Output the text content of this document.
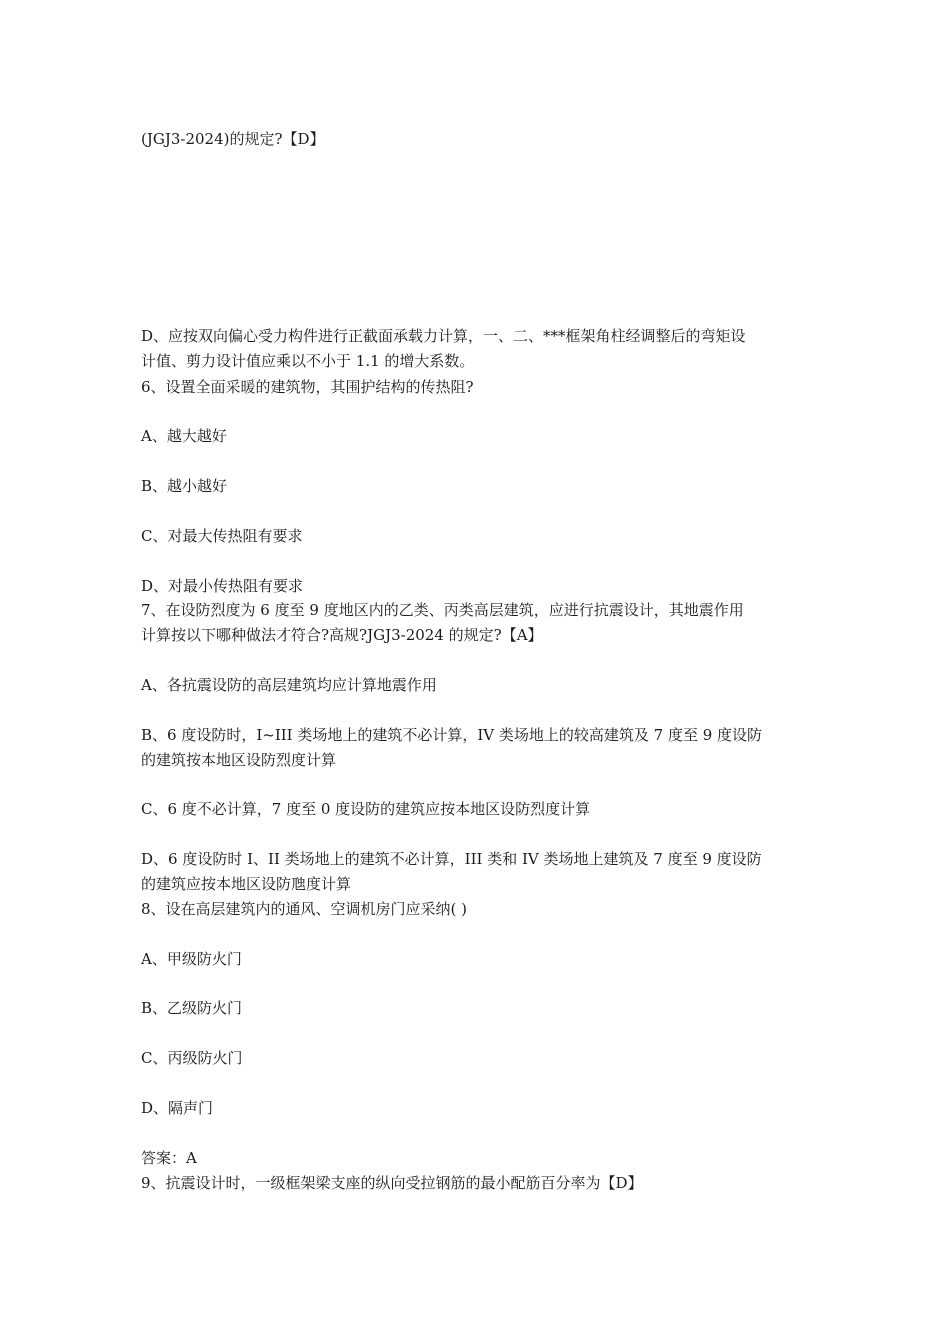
(JGJ3-2024)的规定?【D】
D、应按双向偏心受力构件进行正截面承载力计算，一、二、***框架角柱经调整后的弯矩设
计值、剪力设计值应乘以不小于 1.1 的增大系数。
6、设置全面采暖的建筑物，其围护结构的传热阻?
A、越大越好
B、越小越好
C、对最大传热阻有要求
D、对最小传热阻有要求
7、在设防烈度为 6 度至 9 度地区内的乙类、丙类高层建筑，应进行抗震设计，其地震作用
计算按以下哪种做法才符合?高规?JGJ3-2024 的规定?【A】
A、各抗震设防的高层建筑均应计算地震作用
B、6 度设防时，I~III 类场地上的建筑不必计算，IV 类场地上的较高建筑及 7 度至 9 度设防
的建筑按本地区设防烈度计算
C、6 度不必计算，7 度至 0 度设防的建筑应按本地区设防烈度计算
D、6 度设防时 I、II 类场地上的建筑不必计算，III 类和 IV 类场地上建筑及 7 度至 9 度设防
的建筑应按本地区设防虺度计算
8、设在高层建筑内的通风、空调机房门应采纳( )
A、甲级防火门
B、乙级防火门
C、丙级防火门
D、隔声门
答案：A
9、抗震设计时，一级框架梁支座的纵向受拉钢筋的最小配筋百分率为【D】
